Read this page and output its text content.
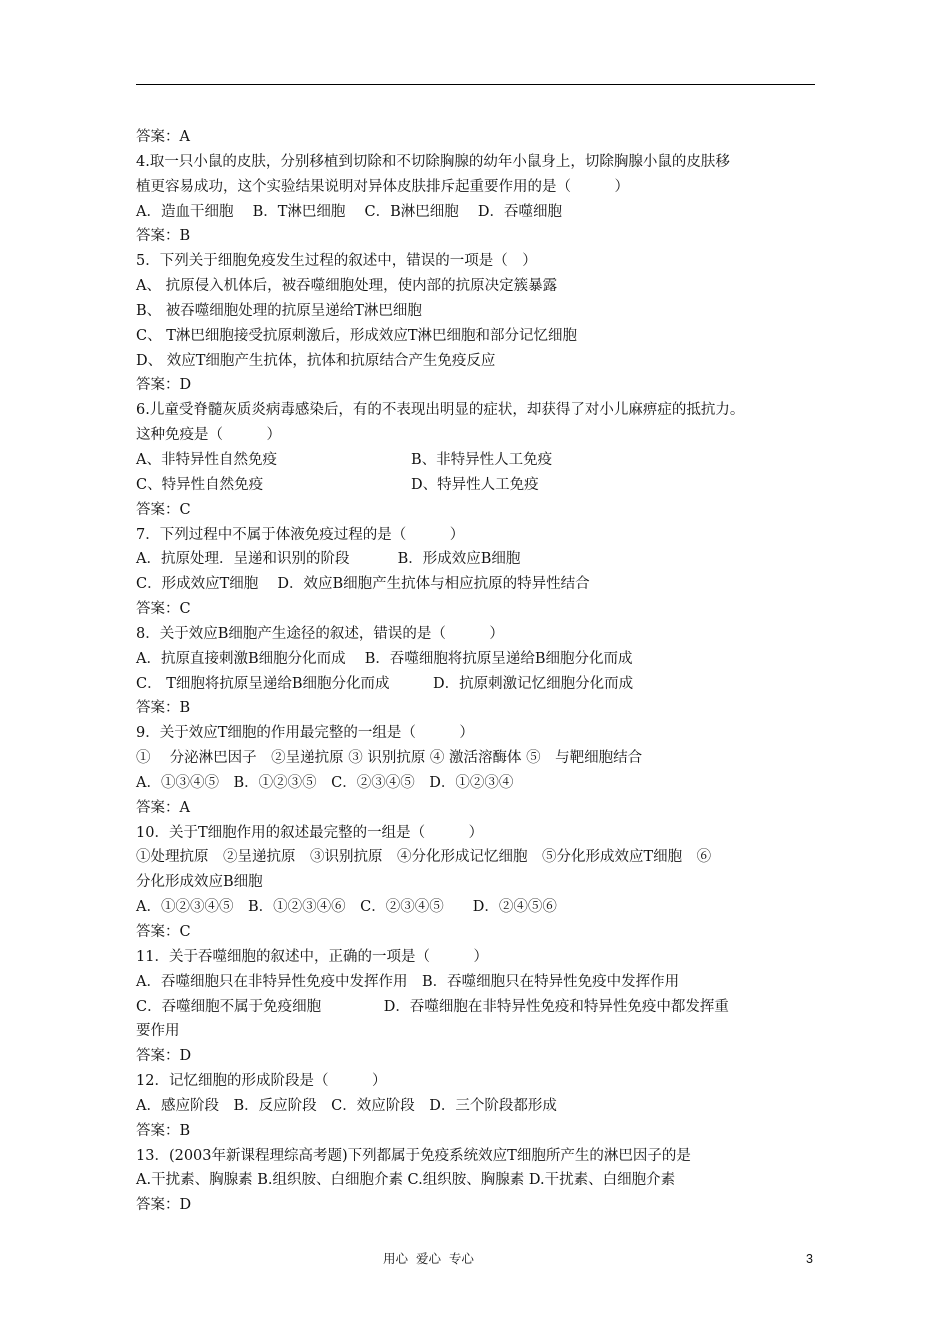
答案：A
4.取一只小鼠的皮肤，分别移植到切除和不切除胸腺的幼年小鼠身上，切除胸腺小鼠的皮肤移
植更容易成功，这个实验结果说明对异体皮肤排斥起重要作用的是（　　　）
A．造血干细胞　 B．T淋巴细胞　 C．B淋巴细胞　 D．吞噬细胞
答案：B
5．下列关于细胞免疫发生过程的叙述中，错误的一项是（　）
A、 抗原侵入机体后，被吞噬细胞处理，使内部的抗原决定簇暴露
B、 被吞噬细胞处理的抗原呈递给T淋巴细胞
C、 T淋巴细胞接受抗原刺激后，形成效应T淋巴细胞和部分记忆细胞
D、 效应T细胞产生抗体，抗体和抗原结合产生免疫反应
答案：D
6.儿童受脊髓灰质炎病毒感染后，有的不表现出明显的症状，却获得了对小儿麻痹症的抵抗力。
这种免疫是（　　　）
A、非特异性自然免疫	B、非特异性人工免疫
C、特异性自然免疫	D、特异性人工免疫
答案：C
7．下列过程中不属于体液免疫过程的是（　　　）
A．抗原处理．呈递和识别的阶段　　　 B．形成效应B细胞
C．形成效应T细胞　 D．效应B细胞产生抗体与相应抗原的特异性结合
答案：C
8．关于效应B细胞产生途径的叙述，错误的是（　　　）
A．抗原直接刺激B细胞分化而成　 B．吞噬细胞将抗原呈递给B细胞分化而成
C． T细胞将抗原呈递给B细胞分化而成　　　D．抗原刺激记忆细胞分化而成
答案：B
9．关于效应T细胞的作用最完整的一组是（　　　）
①　 分泌淋巴因子　②呈递抗原 ③ 识别抗原 ④ 激活溶酶体 ⑤　与靶细胞结合
A．①③④⑤　B．①②③⑤　C．②③④⑤　D．①②③④
答案：A
10．关于T细胞作用的叙述最完整的一组是（　　　）
①处理抗原　②呈递抗原　③识别抗原　④分化形成记忆细胞　⑤分化形成效应T细胞　⑥
分化形成效应B细胞
A．①②③④⑤　B．①②③④⑥　C．②③④⑤　　D．②④⑤⑥
答案：C
11．关于吞噬细胞的叙述中，正确的一项是（　　　）
A．吞噬细胞只在非特异性免疫中发挥作用　B．吞噬细胞只在特异性免疫中发挥作用
C．吞噬细胞不属于免疫细胞　　　　 D．吞噬细胞在非特异性免疫和特异性免疫中都发挥重
要作用
答案：D
12．记忆细胞的形成阶段是（　　　）
A．感应阶段　B．反应阶段　C．效应阶段　D．三个阶段都形成
答案：B
13．(2003年新课程理综高考题)下列都属于免疫系统效应T细胞所产生的淋巴因子的是
A.干扰素、胸腺素 B.组织胺、白细胞介素 C.组织胺、胸腺素 D.干扰素、白细胞介素
答案：D
用心  爱心  专心	3
